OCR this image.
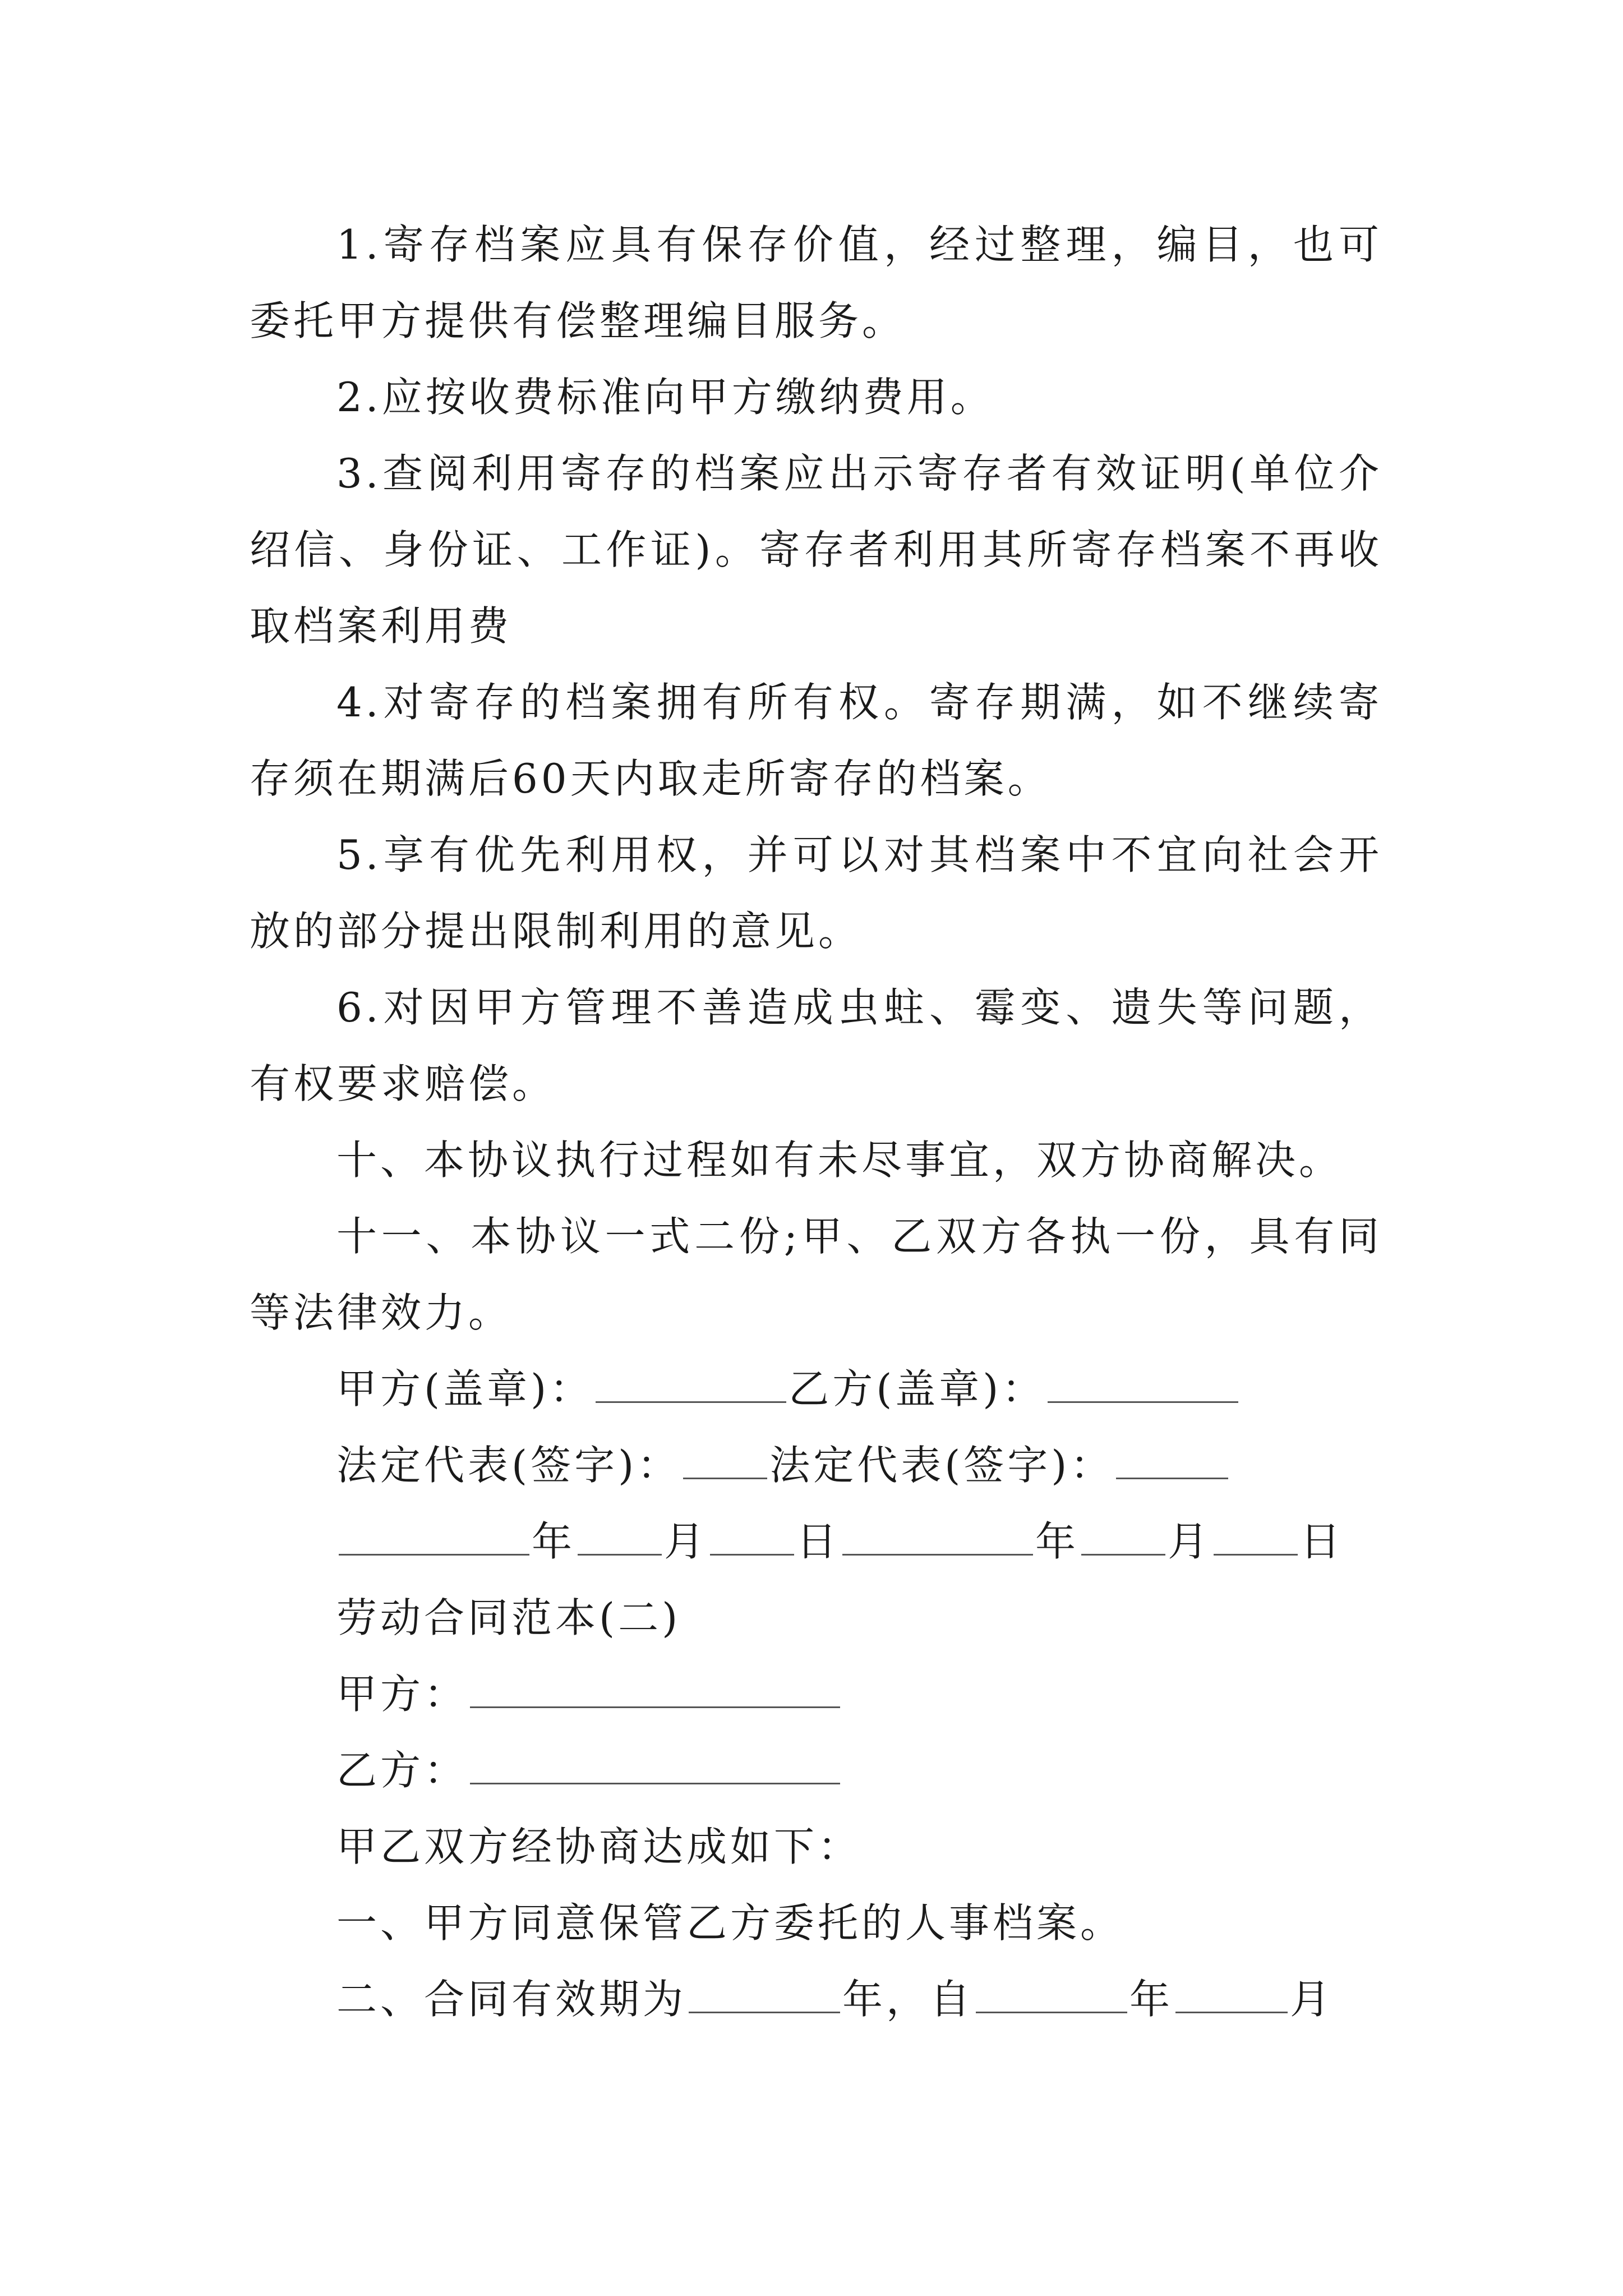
1.寄存档案应具有保存价值，经过整理，编目，也可委托甲方提供有偿整理编目服务。

2.应按收费标准向甲方缴纳费用。

3.查阅利用寄存的档案应出示寄存者有效证明(单位介绍信、身份证、工作证)。寄存者利用其所寄存档案不再收取档案利用费

4.对寄存的档案拥有所有权。寄存期满，如不继续寄存须在期满后60天内取走所寄存的档案。

5.享有优先利用权，并可以对其档案中不宜向社会开放的部分提出限制利用的意见。

6.对因甲方管理不善造成虫蛀、霉变、遗失等问题，有权要求赔偿。

十、本协议执行过程如有未尽事宜，双方协商解决。

十一、本协议一式二份;甲、乙双方各执一份，具有同等法律效力。

甲方(盖章)：	乙方(盖章)：
法定代表(签字)： 法定代表(签字)：
年 月 日	年 月 日
劳动合同范本(二)
甲方：
乙方：
甲乙双方经协商达成如下：
一、甲方同意保管乙方委托的人事档案。
二、合同有效期为	年，自	年	月
